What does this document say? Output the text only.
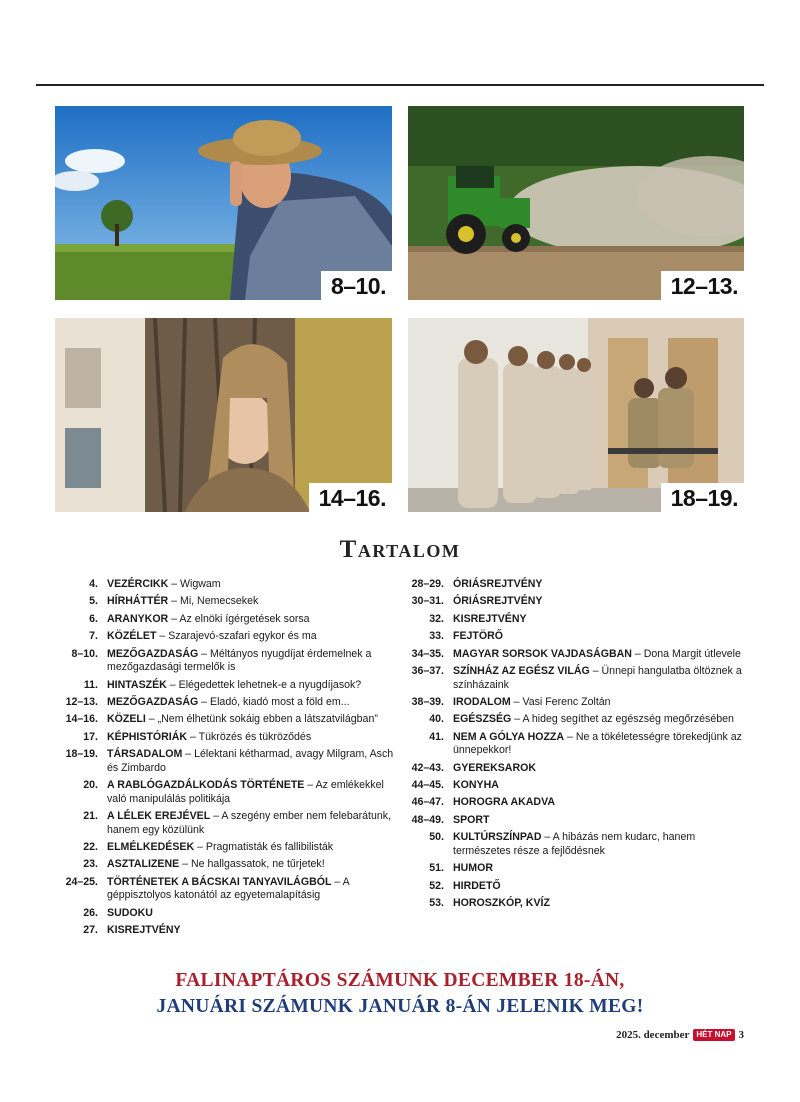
8–10.	12–13.
14–16.	18–19.
Tartalom
4. VEZÉRCIKK – Wigwam
5. HÍRHÁTTÉR – Mi, Nemecsekek
6. ARANYKOR – Az elnöki ígérgetések sorsa
7. KÖZÉLET – Szarajevó-szafari egykor és ma
8–10. MEZŐGAZDASÁG – Méltányos nyugdíjat érdemelnek a mezőgazdasági termelők is
11. HINTASZÉK – Elégedettek lehetnek-e a nyugdíjasok?
12–13. MEZŐGAZDASÁG – Eladó, kiadó most a föld em...
14–16. KÖZELI – „Nem élhetünk sokáig ebben a látszatvilágban”
17. KÉPHISTÓRIÁK – Tükrözés és tükröződés
18–19. TÁRSADALOM – Lélektani kétharmad, avagy Milgram, Asch és Zimbardo
20. A RABLÓGAZDÁLKODÁS TÖRTÉNETE – Az emlékekkel való manipulálás politikája
21. A LÉLEK EREJÉVEL – A szegény ember nem felebarátunk, hanem egy közülünk
22. ELMÉLKEDÉSEK – Pragmatisták és fallibilisták
23. ASZTALIZENE – Ne hallgassatok, ne tűrjetek!
24–25. TÖRTÉNETEK A BÁCSKAI TANYAVILÁGBÓL – A géppisztolyos katonától az egyetemalapításig
26. SUDOKU
27. KISREJTVÉNY
28–29. ÓRIÁSREJTVÉNY
30–31. ÓRIÁSREJTVÉNY
32. KISREJTVÉNY
33. FEJTÖRŐ
34–35. MAGYAR SORSOK VAJDASÁGBAN – Dona Margit útlevele
36–37. SZÍNHÁZ AZ EGÉSZ VILÁG – Ünnepi hangulatba öltöznek a színházaink
38–39. IRODALOM – Vasi Ferenc Zoltán
40. EGÉSZSÉG – A hideg segíthet az egészség megőrzésében
41. NEM A GÓLYA HOZZA – Ne a tökéletességre törekedjünk az ünnepekkor!
42–43. GYEREKSAROK
44–45. KONYHA
46–47. HOROGRA AKADVA
48–49. SPORT
50. KULTÚRSZÍNPAD – A hibázás nem kudarc, hanem természetes része a fejlődésnek
51. HUMOR
52. HIRDETŐ
53. HOROSZKÓP, KVÍZ
FALINAPTÁROS SZÁMUNK DECEMBER 18-ÁN,
JANUÁRI SZÁMUNK JANUÁR 8-ÁN JELENIK MEG!
2025. december HÉT NAP 3
